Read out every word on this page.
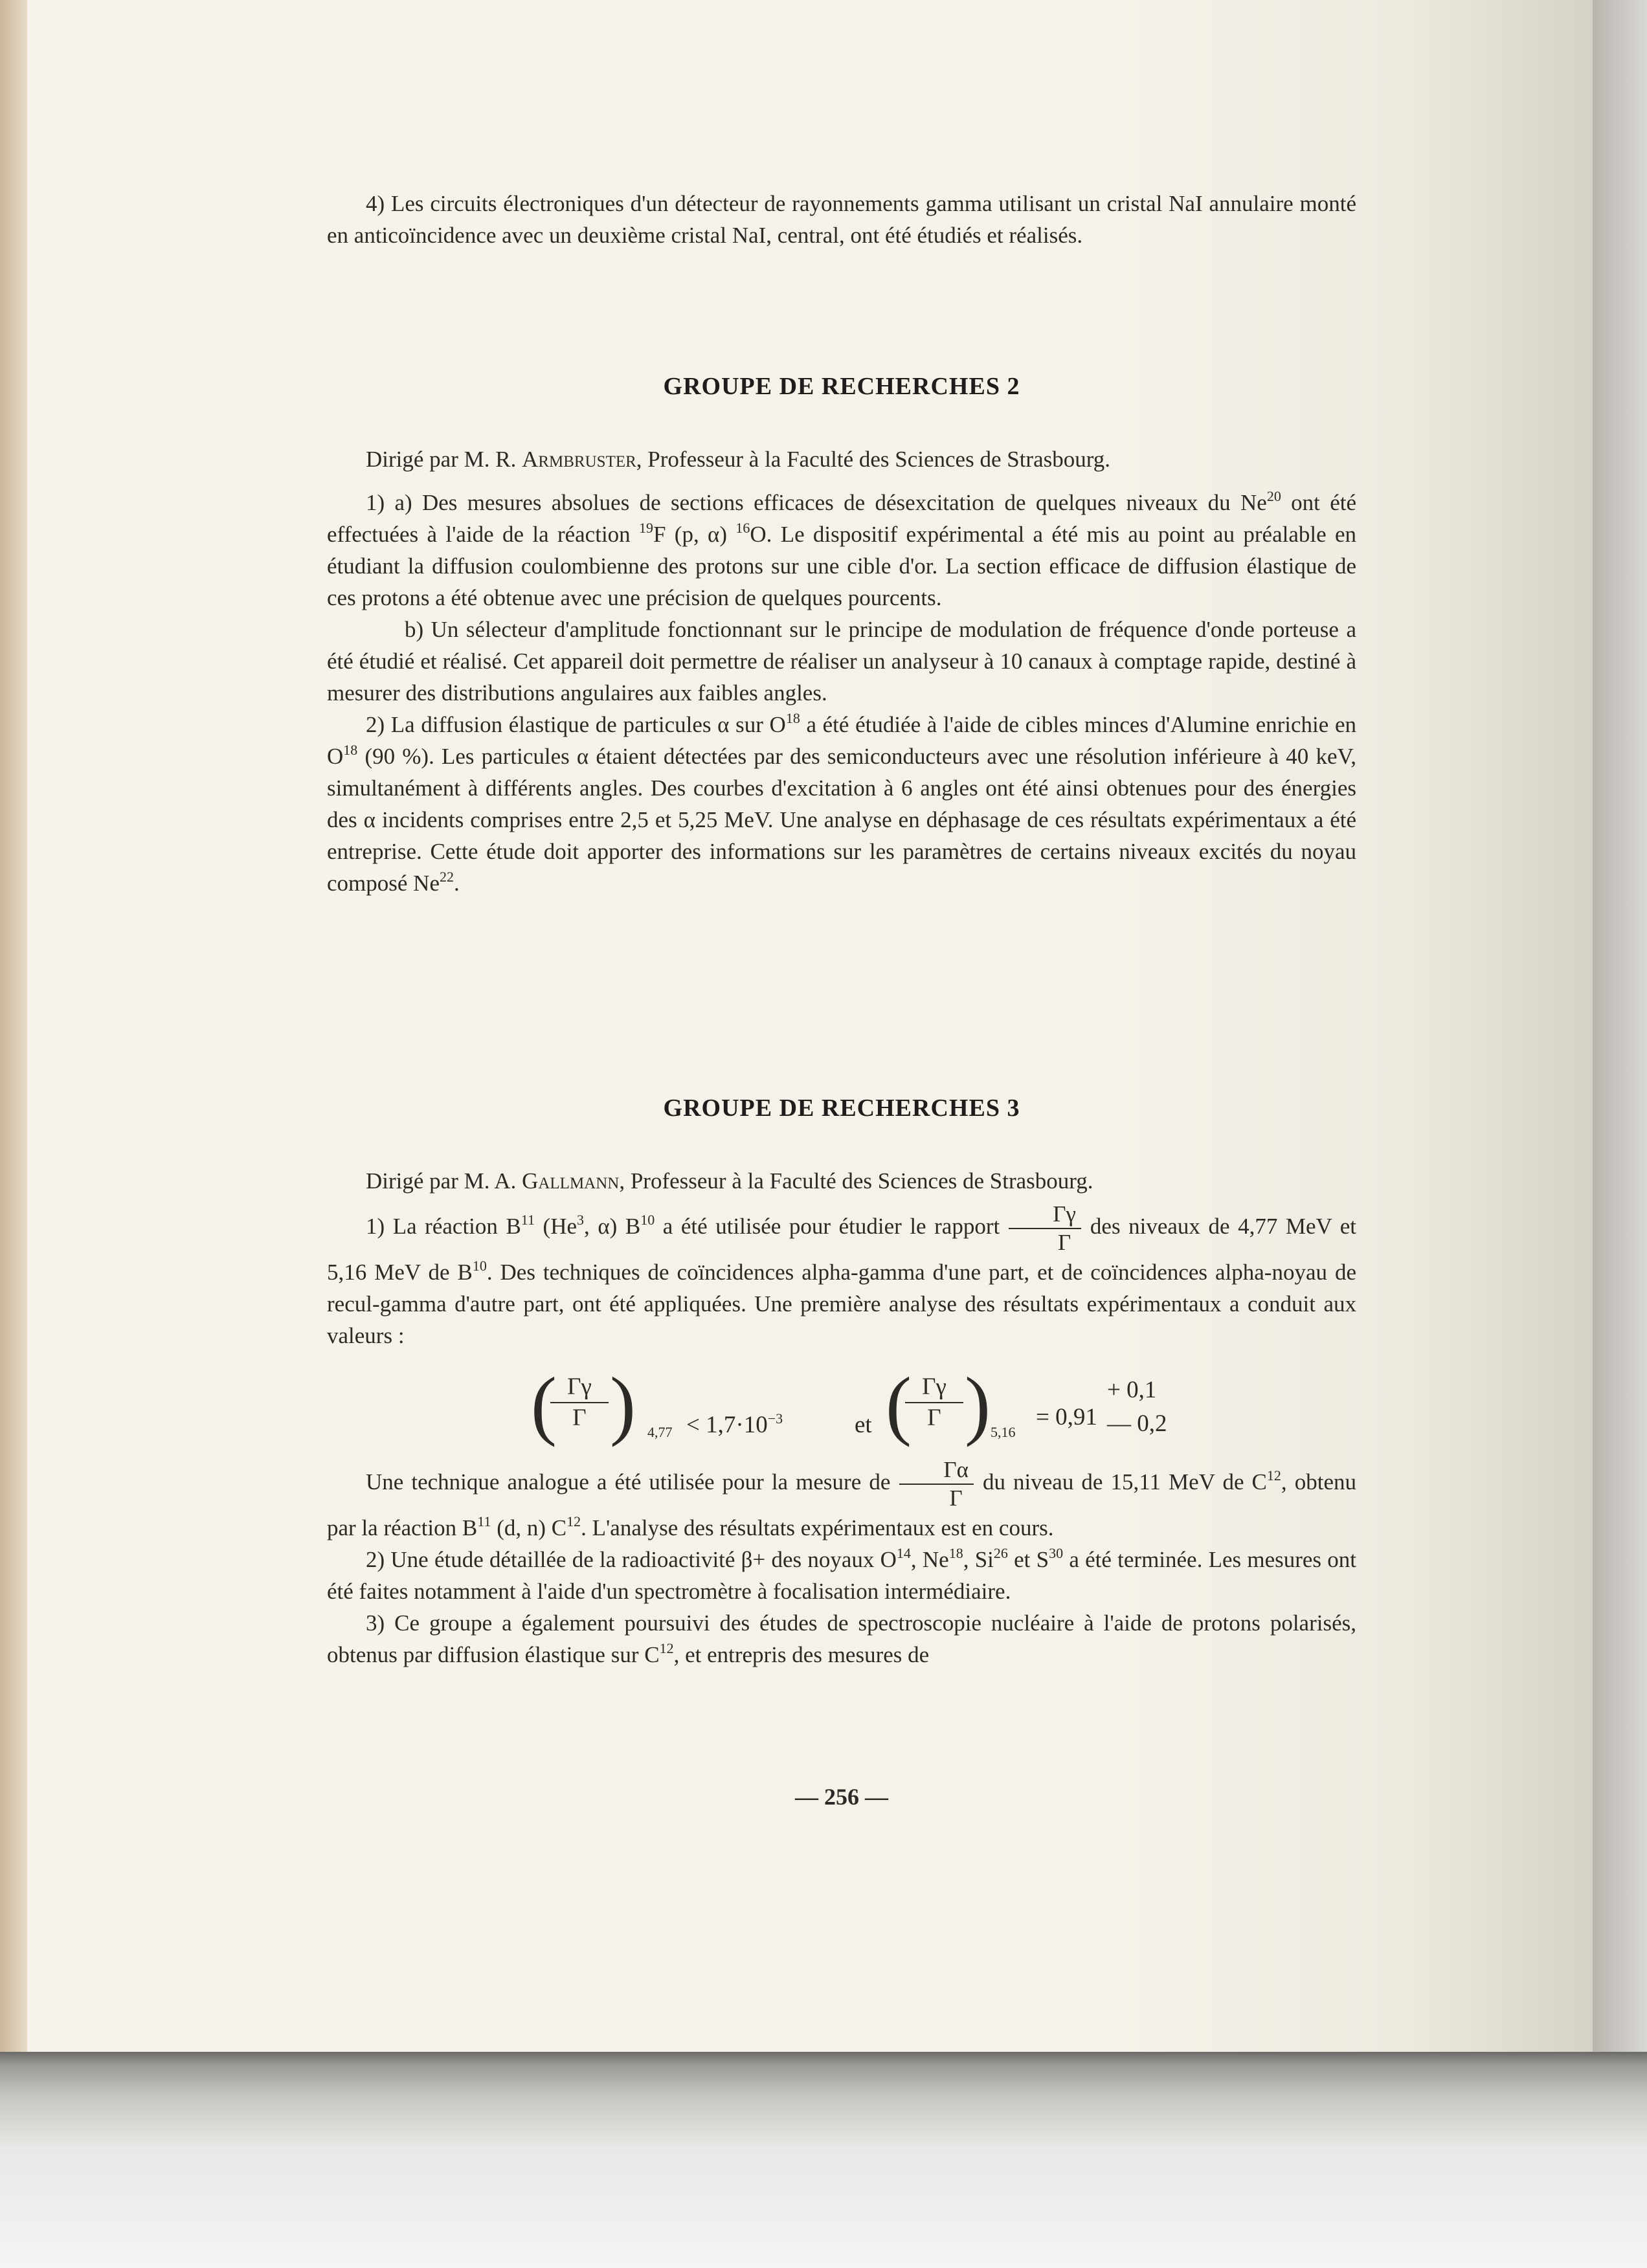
4) Les circuits électroniques d'un détecteur de rayonnements gamma utilisant un cristal NaI annulaire monté en anticoïncidence avec un deuxième cristal NaI, central, ont été étudiés et réalisés.

GROUPE DE RECHERCHES 2

Dirigé par M. R. Armbruster, Professeur à la Faculté des Sciences de Strasbourg.

1) a) Des mesures absolues de sections efficaces de désexcitation de quelques niveaux du Ne$^{20}$ ont été effectuées à l'aide de la réaction $^{19}$F (p, α) $^{16}$O. Le dispositif expérimental a été mis au point au préalable en étudiant la diffusion coulombienne des protons sur une cible d'or. La section efficace de diffusion élastique de ces protons a été obtenue avec une précision de quelques pourcents.

b) Un sélecteur d'amplitude fonctionnant sur le principe de modulation de fréquence d'onde porteuse a été étudié et réalisé. Cet appareil doit permettre de réaliser un analyseur à 10 canaux à comptage rapide, destiné à mesurer des distributions angulaires aux faibles angles.

2) La diffusion élastique de particules α sur $O^{18}$ a été étudiée à l'aide de cibles minces d'Alumine enrichie en $O^{18}$ (90 %). Les particules α étaient détectées par des semiconducteurs avec une résolution inférieure à 40 keV, simultanément à différents angles. Des courbes d'excitation à 6 angles ont été ainsi obtenues pour des énergies des α incidents comprises entre 2,5 et 5,25 MeV. Une analyse en déphasage de ces résultats expérimentaux a été entreprise. Cette étude doit apporter des informations sur les paramètres de certains niveaux excités du noyau composé Ne$^{22}$.

GROUPE DE RECHERCHES 3

Dirigé par M. A. Gallmann, Professeur à la Faculté des Sciences de Strasbourg.

1) La réaction $B^{11}$ (He$^3$, α) $B^{10}$ a été utilisée pour étudier le rapport $\frac{\Gamma\gamma}{\Gamma}$ des niveaux de 4,77 MeV et 5,16 MeV de $B^{10}$. Des techniques de coïncidences alpha-gamma d'une part, et de coïncidences alpha-noyau de recul-gamma d'autre part, ont été appliquées. Une première analyse des résultats expérimentaux a conduit aux valeurs :

(
$\frac{\Gamma\gamma}{\Gamma}$ ) $4,77 < 1,7\cdot 10^{-3}$	et (
$\frac{\Gamma\gamma}{\Gamma}$ ) 5,16
= 0,91
+ 0,1
— 0,2

Une technique analogue a été utilisée pour la mesure de $\frac{\Gamma\alpha}{\Gamma}$ du niveau de 15,11 MeV de $C^{12}$, obtenu par la réaction $B^{11}$ (d, n) $C^{12}$. L'analyse des résultats expérimentaux est en cours.

2) Une étude détaillée de la radioactivité β+ des noyaux $O^{14}$, Ne$^{18}$, Si$^{26}$ et $S^{30}$ a été terminée. Les mesures ont été faites notamment à l'aide d'un spectromètre à focalisation intermédiaire.

3) Ce groupe a également poursuivi des études de spectroscopie nucléaire à l'aide de protons polarisés, obtenus par diffusion élastique sur $C^{12}$, et entrepris des mesures de

— 256 —
